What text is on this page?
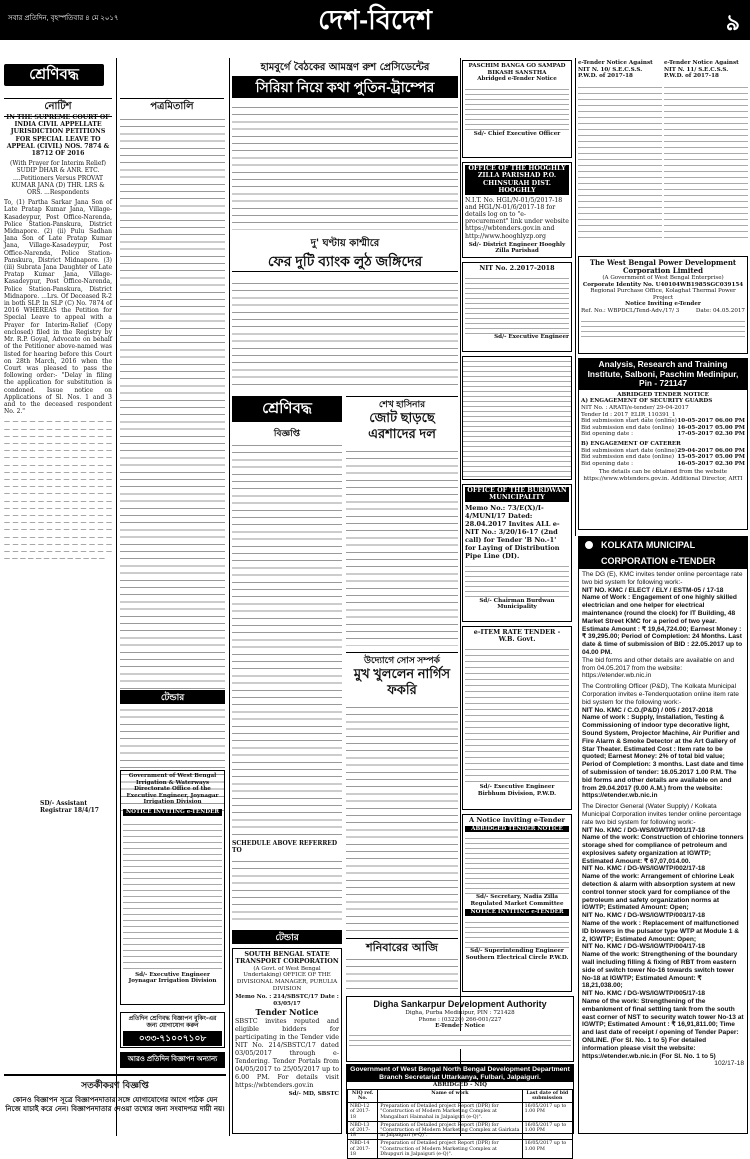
সবার প্রতিদিন, বৃহস্পতিবার ৪ মে ২০১৭	দেশ-বিদেশ	৯
শ্রেণিবদ্ধ
নোটিশ	পত্রমিতালি
IN THE SUPREME COURT OF INDIA CIVIL APPELLATE JURISDICTION PETITIONS FOR SPECIAL LEAVE TO APPEAL (CIVIL) NOS. 7874 & 18712 OF 2016
(With Prayer for Interim Relief) SUDIP DHAR & ANR. ETC. ....Petitioners Versus PROVAT KUMAR JANA (D) THR. LRS & ORS. ...Respondents
To, (1) Partha Sarkar Jana Son of Late Pratap Kumar Jana, Village-Kasadeypur, Post Office-Narenda, Police Station-Panskura, District Midnapore. (2) (ii) Pulu Sadhan Jana Son of Late Pratap Kumar Jana, Village-Kasadeypur, Post Office-Narenda, Police Station-Panskura, District Midnapore. (3)(iii) Subrata Jana Daughter of Late Pratap Kumar Jana, Village-Kasadeypur, Post Office-Narenda, Police Station-Panskura, District Midnapore. ...Lrs. Of Deceased R-2 in both SLP. In SLP (C) No. 7874 of 2016 WHEREAS the Petition for Special Leave to appeal with a Prayer for Interim-Relief (Copy enclosed) filed in the Registry by Mr. R.P. Goyal, Advocate on behalf of the Petitioner above-named was listed for hearing before this Court on 28th March, 2016 when the Court was pleased to pass the following order:- "Delay in filing the application for substitution is condoned. Issue notice on Applications of Sl. Nos. 1 and 3 and to the deceased respondent No. 2."
— — — — — — — — — — — — — — — — — — — — — — — — — — — — — — — — — — — — — — — — — — — — — — — — — — — — — — — — — — — — — — — — — — — — — — — — — — — — — — — — — — — — — — — — — — — — — — — — — — — — — — — — — — — — — — — — — — — — — — — — — — — — — — — — — — — — — — — — — — — — — — — — — — — — — — — — — — — — — — — — — — — — — — — — — — — — — — — — — — — — — — — — — — — — — — — — — — — — — — — — — — — — — — — — — — — — — — — — — — — — — — — — — — — — — — — — — — — — — — — — — — — — — — — — — — — — — — — — — — — —
SD/- Assistant Registrar 18/4/17
টেন্ডার
Government of West Bengal Irrigation & Waterways Directorate Office of the Executive Engineer, Joynagar Irrigation Division
NOTICE INVITING e-TENDER
Sd/- Executive Engineer Joynagar Irrigation Division
প্রতিদিন শ্রেণিবদ্ধ বিজ্ঞাপন বুকিং-এর জন্য যোগাযোগ করুন
০৩৩-৭১০০৭১০৮
আরও প্রতিদিন বিজ্ঞাপন অন্যান্য পাতায়
সতর্কীকরণ বিজ্ঞপ্তি
কোনও বিজ্ঞাপন সূত্রে বিজ্ঞাপনদাতার সঙ্গে যোগাযোগের আগে পাঠক যেন নিজে যাচাই করে নেন। বিজ্ঞাপনদাতার দেওয়া তথ্যের জন্য সংবাদপত্র দায়ী নয়।
হামবুর্গে বৈঠকের আমন্ত্রণ রুশ প্রেসিডেন্টের
সিরিয়া নিয়ে কথা পুতিন-ট্রাম্পের
দু' ঘণ্টায় কাশ্মীরে
ফের দুটি ব্যাংক লুঠ জঙ্গিদের
শ্রেণিবদ্ধ
বিজ্ঞপ্তি
শেখ হাসিনার
জোট ছাড়ছে এরশাদের দল
উদ্যোগে সোস সম্পর্ক
মুখ খুললেন নার্গিস ফকরি
SCHEDULE ABOVE REFERRED TO
টেন্ডার
শনিবারের আজি
SOUTH BENGAL STATE TRANSPORT CORPORATION
(A Govt. of West Bengal Undertaking) OFFICE OF THE DIVISIONAL MANAGER, PURULIA DIVISION
Memo No. : 214/SBSTC/17 Date : 03/05/17
Tender Notice
SBSTC invites reputed and eligible bidders for participating in the Tender vide NIT No. 214/SBSTC/17 dated 03/05/2017 through e-Tendering. Tender Portals from 04/05/2017 to 25/05/2017 up to 6.00 PM. For details visit https://wbtenders.gov.in
Sd/- MD, SBSTC
PASCHIM BANGA GO SAMPAD BIKASH SANSTHA
Abridged e-Tender Notice
Sd/- Chief Executive Officer
OFFICE OF THE HOOGHLY ZILLA PARISHAD P.O. CHINSURAH DIST. HOOGHLY
N.I.T. No. HGL/N-01/5/2017-18 and HGL/N-01/6/2017-18 for details log on to "e-procurement" link under website https://wbtenders.gov.in and http://www.hooghlyzp.org
Sd/- District Engineer Hooghly Zilla Parishad
NIT No. 2.2017-2018
Sd/- Executive Engineer
OFFICE OF THE BURDWAN MUNICIPALITY
Memo No.: 73/E(X)/I-4/MUNI/17 Dated: 28.04.2017 Invites ALL e-NIT No.: 3/20/16-17 (2nd call) for Tender 'B No.-1' for Laying of Distribution Pipe Line (DI).
Sd/- Chairman Burdwan Municipality
e-ITEM RATE TENDER - W.B. Govt.
Sd/- Executive Engineer Birbhum Division, P.W.D.
e-Tender Notice Against NIT N. 10/ S.E.C.S.S. P.W.D. of 2017-18
e-Tender Notice Against NIT N. 11/ S.E.C.S.S. P.W.D. of 2017-18
The West Bengal Power Development Corporation Limited
(A Government of West Bengal Enterprise)
Corporate Identity No. U40104WB1985SGC039154
Regional Purchase Office, Kolaghat Thermal Power Project
Notice Inviting e-Tender
Ref. No.: WBPDCL/Tend-Adv./17/ 3	Date: 04.05.2017
Analysis, Research and Training Institute, Salboni, Paschim Medinipur, Pin - 721147
ABRIDGED TENDER NOTICE
A) ENGAGEMENT OF SECURITY GUARDS
NIT No. : ARATI/e-tender/ 29-04-2017
Tender Id : 2017_ELIR_110391_1
Bid submission start date (online) 10-05-2017 06.00 PM
Bid submission end date (online) 16-05-2017 05.00 PM
Bid opening date :	17-05-2017 02.30 PM
B) ENGAGEMENT OF CATERER
Bid submission start date (online) 29-04-2017 06.00 PM
Bid submission end date (online) 15-05-2017 05.00 PM
Bid opening date :	16-05-2017 02.30 PM
The details can be obtained from the website https://www.wbtenders.gov.in. Additional Director, ARTI
KOLKATA MUNICIPAL CORPORATION e-TENDER
The DG (E), KMC invites tender online percentage rate two bid system for following work:-
NIT NO. KMC / ELECT / ELY / ESTM-05 / 17-18
Name of Work : Engagement of one highly skilled electrician and one helper for electrical maintenance (round the clock) for IT Building, 48 Market Street KMC for a period of two year. Estimate Amount : ₹ 19,64,724.00; Earnest Money : ₹ 39,295.00; Period of Completion: 24 Months. Last date & time of submission of BID : 22.05.2017 up to 04.00 PM.
The bid forms and other details are available on and from 04.05.2017 from the website: https://etender.wb.nic.in
The Controlling Officer (P&D), The Kolkata Municipal Corporation invites e-Tenderquotation online item rate bid system for the following work:-
NIT No. KMC / C.O.(P&D) / 005 / 2017-2018
Name of work : Supply, Installation, Testing & Commissioning of indoor type decorative light, Sound System, Projector Machine, Air Purifier and Fire Alarm & Smoke Detector at the Art Gallery of Star Theater. Estimated Cost : Item rate to be quoted; Earnest Money: 2% of total bid value; Period of Completion: 3 months. Last date and time of submission of tender: 16.05.2017 1.00 P.M. The bid forms and other details are available on and from 29.04.2017 (9.00 A.M.) from the website: https://etender.wb.nic.in
The Director General (Water Supply) / Kolkata Municipal Corporation invites tender online percentage rate two bid system for following work:-
NIT No. KMC / DG-WS/IGWTP/001/17-18
Name of the work: Construction of chlorine tonners storage shed for compliance of petroleum and explosives safety organization at IGWTP; Estimated Amount: ₹ 67,07,014.00.
NIT No. KMC / DG-WS/IGWTP/002/17-18
Name of the work: Arrangement of chlorine Leak detection & alarm with absorption system at new control tonner stock yard for compliance of the petroleum and safety organization norms at IGWTP; Estimated Amount: Open;
NIT No. KMC / DG-WS/IGWTP/003/17-18
Name of the work : Replacement of malfunctioned ID blowers in the pulsator type WTP at Module 1 & 2, IGWTP; Estimated Amount: Open;
NIT No. KMC / DG-WS/IGWTP/004/17-18
Name of the work: Strengthening of the boundary wall including filling & fixing of RBT from eastern side of switch tower No-16 towards switch tower No-18 at IGWTP; Estimated Amount: ₹ 18,21,038.00;
NIT No. KMC / DG-WS/IGWTP/005/17-18
Name of the work: Strengthening of the embankment of final settling tank from the south east corner of NST to security watch tower No-13 at IGWTP; Estimated Amount : ₹ 16,91,811.00; Time and last date of receipt / opening of Tender Paper: ONLINE. (For Sl. No. 1 to 5) For detailed information please visit the website: https://etender.wb.nic.in (For Sl. No. 1 to 5)
102/17-18
Digha Sankarpur Development Authority
Digha, Purba Medinipur, PIN : 721428
Phone : (03220) 266-001/227
E-Tender Notice
Government of West Bengal North Bengal Development Department Branch Secretariat Uttarkanya, Fulbari, Jalpaiguri.
ABRIDGED - NIQ
NIQ ref. No.	Name of work	Last date of bid submission
NBD-12 of 2017-18	Preparation of Detailed project Report (DPR) for "Construction of Modern Marketing Complex at Mangalbari Haimahal in Jalpaiguri (e-Q)".	16/05/2017 up to 1.00 PM
NBD-13 of 2017-18	Preparation of Detailed project Report (DPR) for "Construction of Modern Marketing Complex at Gairkata in Jalpaiguri (e-Q)".	16/05/2017 up to 1.00 PM
NBD-14 of 2017-18	Preparation of Detailed project Report (DPR) for "Construction of Modern Marketing Complex at Dhupguri in Jalpaiguri (e-Q)".	16/05/2017 up to 1.00 PM
A Notice inviting e-Tender
ABRIDGED TENDER NOTICE
Sd/- Secretary, Nadia Zilla Regulated Market Committee
NOTICE INVITING e-TENDER
Sd/- Superintending Engineer Southern Electrical Circle P.W.D.
